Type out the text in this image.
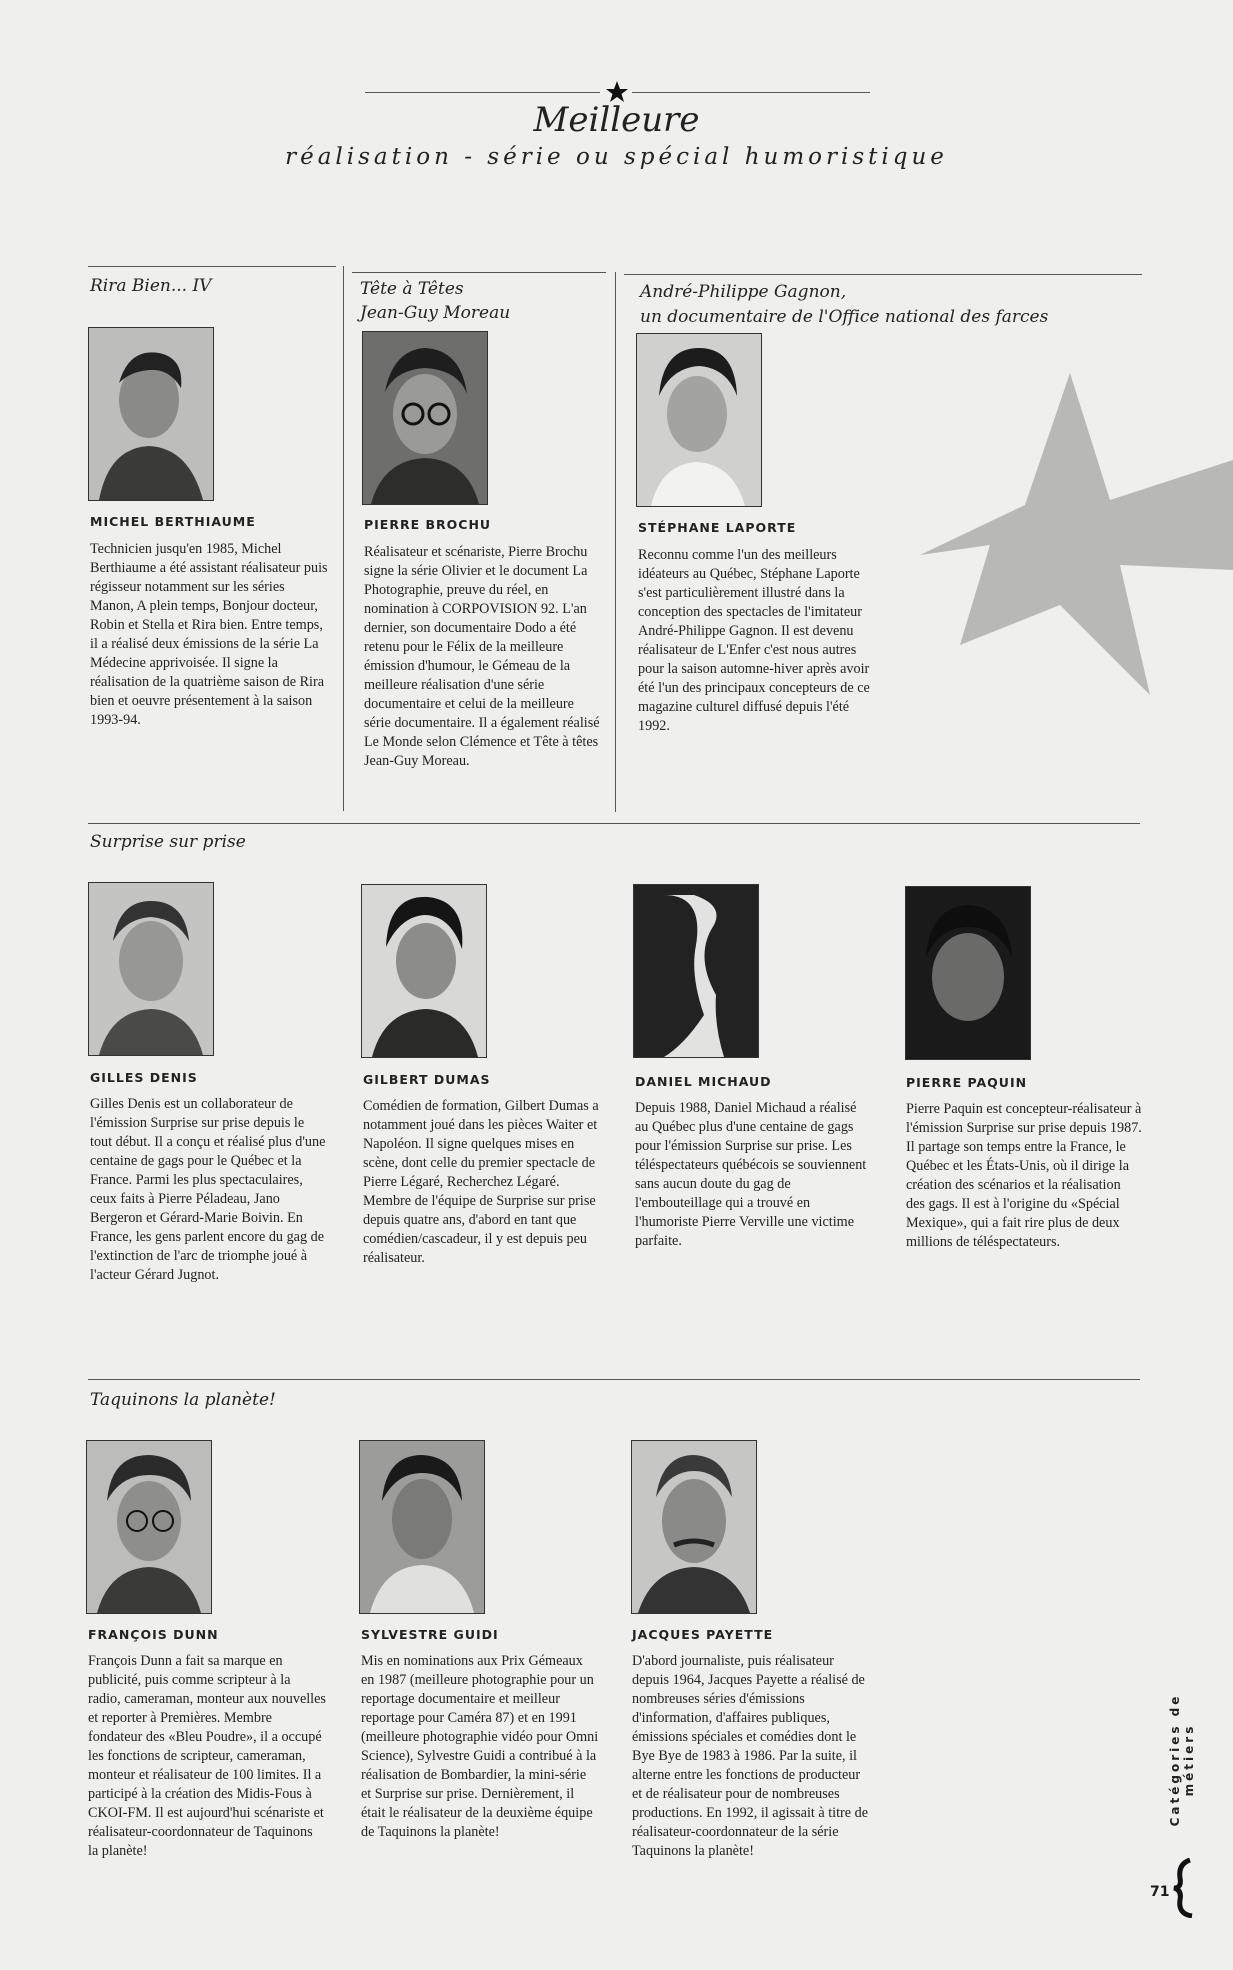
Meilleure
réalisation - série ou spécial humoristique
Rira Bien... IV	Tête à Têtes
Jean-Guy Moreau
André-Philippe Gagnon,
un documentaire de l'Office national des farces
MICHEL BERTHIAUME
Technicien jusqu'en 1985, Michel Berthiaume a été assistant réalisateur puis régisseur notamment sur les séries Manon, A plein temps, Bonjour docteur, Robin et Stella et Rira bien. Entre temps, il a réalisé deux émissions de la série La Médecine apprivoisée. Il signe la réalisation de la quatrième saison de Rira bien et oeuvre présentement à la saison 1993-94.
PIERRE BROCHU
Réalisateur et scénariste, Pierre Brochu signe la série Olivier et le document La Photographie, preuve du réel, en nomination à CORPOVISION 92. L'an dernier, son documentaire Dodo a été retenu pour le Félix de la meilleure émission d'humour, le Gémeau de la meilleure réalisation d'une série documentaire et celui de la meilleure série documentaire. Il a également réalisé Le Monde selon Clémence et Tête à têtes Jean-Guy Moreau.
STÉPHANE LAPORTE
Reconnu comme l'un des meilleurs idéateurs au Québec, Stéphane Laporte s'est particulièrement illustré dans la conception des spectacles de l'imitateur André-Philippe Gagnon. Il est devenu réalisateur de L'Enfer c'est nous autres pour la saison automne-hiver après avoir été l'un des principaux concepteurs de ce magazine culturel diffusé depuis l'été 1992.
Surprise sur prise
GILLES DENIS
Gilles Denis est un collaborateur de l'émission Surprise sur prise depuis le tout début. Il a conçu et réalisé plus d'une centaine de gags pour le Québec et la France. Parmi les plus spectaculaires, ceux faits à Pierre Péladeau, Jano Bergeron et Gérard-Marie Boivin. En France, les gens parlent encore du gag de l'extinction de l'arc de triomphe joué à l'acteur Gérard Jugnot.
GILBERT DUMAS
Comédien de formation, Gilbert Dumas a notamment joué dans les pièces Waiter et Napoléon. Il signe quelques mises en scène, dont celle du premier spectacle de Pierre Légaré, Recherchez Légaré. Membre de l'équipe de Surprise sur prise depuis quatre ans, d'abord en tant que comédien/cascadeur, il y est depuis peu réalisateur.
DANIEL MICHAUD
Depuis 1988, Daniel Michaud a réalisé au Québec plus d'une centaine de gags pour l'émission Surprise sur prise. Les téléspectateurs québécois se souviennent sans aucun doute du gag de l'embouteillage qui a trouvé en l'humoriste Pierre Verville une victime parfaite.
PIERRE PAQUIN
Pierre Paquin est concepteur-réalisateur à l'émission Surprise sur prise depuis 1987. Il partage son temps entre la France, le Québec et les États-Unis, où il dirige la création des scénarios et la réalisation des gags. Il est à l'origine du «Spécial Mexique», qui a fait rire plus de deux millions de téléspectateurs.
Taquinons la planète!
FRANÇOIS DUNN
François Dunn a fait sa marque en publicité, puis comme scripteur à la radio, cameraman, monteur aux nouvelles et reporter à Premières. Membre fondateur des «Bleu Poudre», il a occupé les fonctions de scripteur, cameraman, monteur et réalisateur de 100 limites. Il a participé à la création des Midis-Fous à CKOI-FM. Il est aujourd'hui scénariste et réalisateur-coordonnateur de Taquinons la planète!
SYLVESTRE GUIDI
Mis en nominations aux Prix Gémeaux en 1987 (meilleure photographie pour un reportage documentaire et meilleur reportage pour Caméra 87) et en 1991 (meilleure photographie vidéo pour Omni Science), Sylvestre Guidi a contribué à la réalisation de Bombardier, la mini-série et Surprise sur prise. Dernièrement, il était le réalisateur de la deuxième équipe de Taquinons la planète!
JACQUES PAYETTE
D'abord journaliste, puis réalisateur depuis 1964, Jacques Payette a réalisé de nombreuses séries d'émissions d'information, d'affaires publiques, émissions spéciales et comédies dont le Bye Bye de 1983 à 1986. Par la suite, il alterne entre les fonctions de producteur et de réalisateur pour de nombreuses productions. En 1992, il agissait à titre de réalisateur-coordonnateur de la série Taquinons la planète!
Catégories de métiers
71
